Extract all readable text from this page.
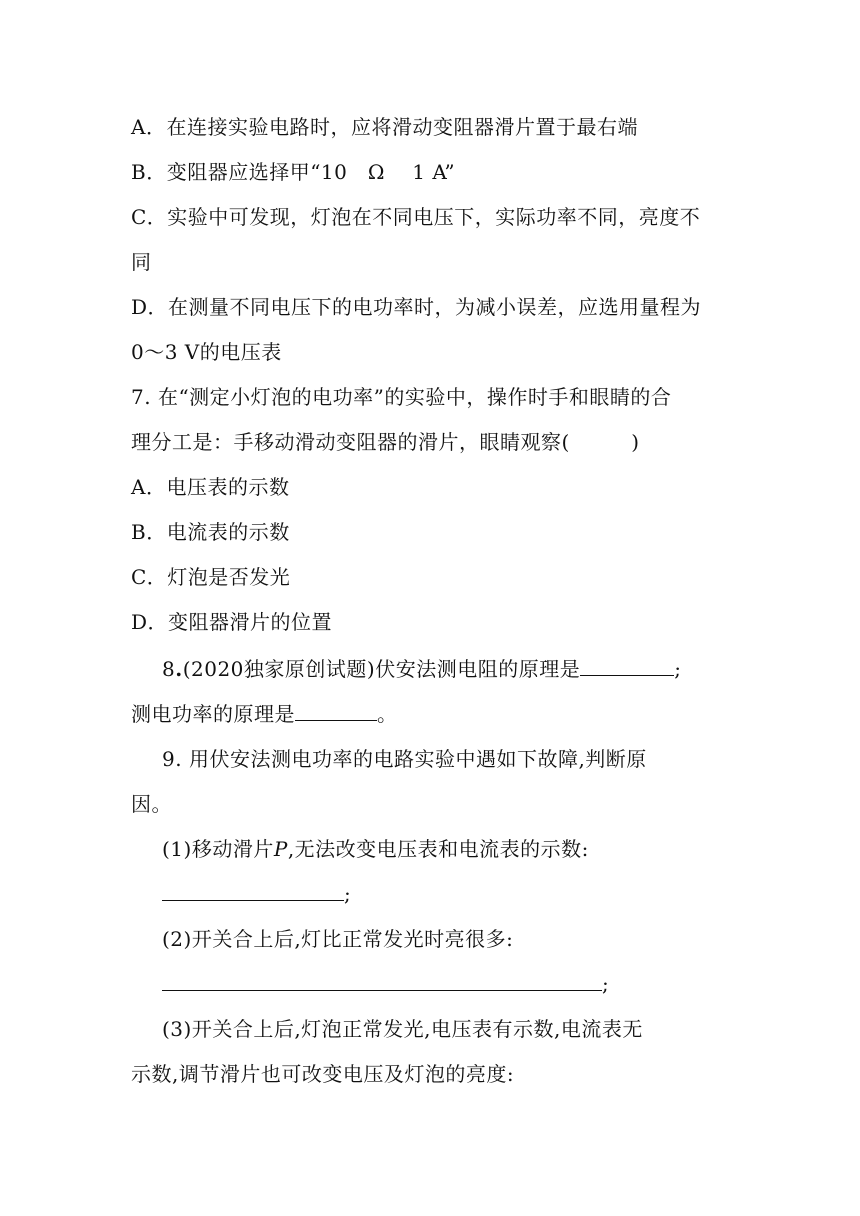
A．在连接实验电路时，应将滑动变阻器滑片置于最右端
B．变阻器应选择甲“10　Ω　 1 A”
C．实验中可发现，灯泡在不同电压下，实际功率不同，亮度不
同
D．在测量不同电压下的电功率时，为减小误差，应选用量程为
0～3 V的电压表
7. 在“测定小灯泡的电功率”的实验中，操作时手和眼睛的合
理分工是：手移动滑动变阻器的滑片，眼睛观察(　　　)
A．电压表的示数
B．电流表的示数
C．灯泡是否发光
D．变阻器滑片的位置
8.(2020独家原创试题)伏安法测电阻的原理是	;
测电功率的原理是	。
9. 用伏安法测电功率的电路实验中遇如下故障,判断原
因。
(1)移动滑片P,无法改变电压表和电流表的示数:
;
(2)开关合上后,灯比正常发光时亮很多:
;
(3)开关合上后,灯泡正常发光,电压表有示数,电流表无
示数,调节滑片也可改变电压及灯泡的亮度:
